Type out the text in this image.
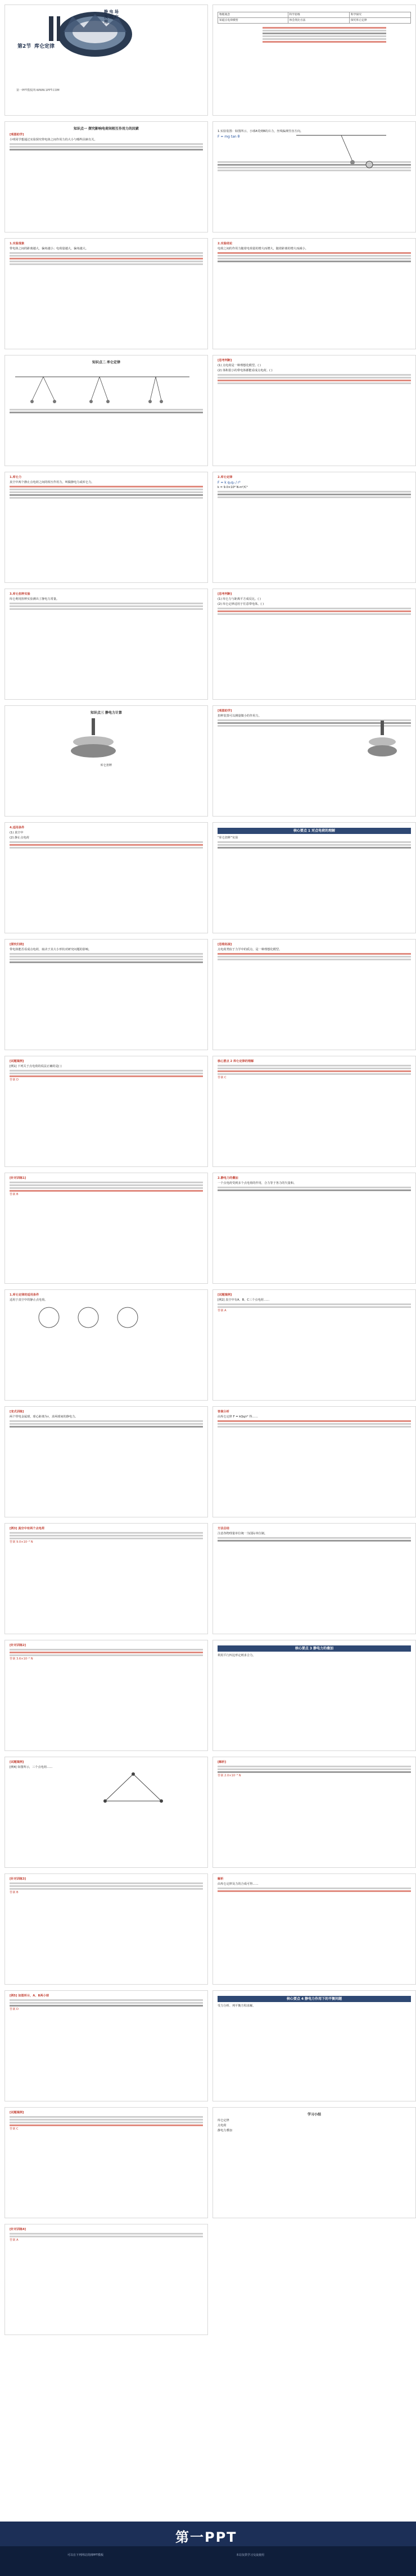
第2节 库仑定律
静 电 场 及 其 应 用
第一PPT模板网-WWW.1PPT.COM
物理观念	科学思维	科学探究
知道点电荷模型	体会类比方法	探究库仑定律
知识点一 探究影响电荷间相互作用力的因素

[观图助学]

小明同学想通过实验探究带电体之间作用力的大小与哪些因素有关。

1.实验装置：如图所示，小球A受到B的斥力，丝线偏离竖直方向。

F = mg tan θ

1.实验现象

带电体之间的距离越大，偏角越小；电荷量越大，偏角越大。

2.实验结论

电荷之间的作用力随着电荷量的增大而增大，随着距离的增大而减小。

知识点二 库仑定律	[思考判断]

(1) 点电荷是一种理想化模型。( )

(2) 体积很小的带电体都能看成点电荷。( )

1.库仑力

真空中两个静止点电荷之间的相互作用力，叫做静电力或库仑力。

2.库仑定律

F = k q₁q₂ / r²

k = 9.0×10⁹ N·m²/C²

3.库仑扭秤实验

库仑利用扭秤实验测出了静电力常量。

[思考判断]

(1) 库仑力与距离平方成反比。( )

(2) 库仑定律适用于任意带电体。( )

知识点三 静电力计算

库仑扭秤

[观图助学]

扭秤装置可以测量微小的作用力。

4.适用条件

(1) 真空中

(2) 静止点电荷

核心要点 1 对点电荷的理解

“库仑扭秤”实验

[探究归纳]

带电体能否看成点电荷，取决于其大小形状对研究问题的影响。

[思维拓展]

点电荷类似于力学中的质点，是一种理想化模型。

[试题案例]

[例1] 下列关于点电荷的说法正确的是( )

答案 D

核心要点 2 库仑定律的理解

答案 C

[针对训练1]

答案 B

2.静电力的叠加

一个点电荷受到多个点电荷的作用，合力等于各力的矢量和。

1.库仑定律的适用条件

适用于真空中的静止点电荷。

[试题案例]

[例2] 真空中有A、B、C三个点电荷……

答案 A

[变式训练]

两个带电金属球，球心距离为r，求两球间的静电力。

答案分析

由库仑定律 F = kQq/r² 得……

[例3] 真空中有两个点电荷

答案 9.0×10⁻³ N

方法总结

注意各物理量单位统一为国际单位制。

[针对训练2]

答案 3.6×10⁻² N

核心要点 3 静电力的叠加

利用平行四边形定则求合力。

[试题案例]

[例4] 如图所示，三个点电荷……

[解析]

答案 2.0×10⁻³ N

[针对训练3]

答案 B

解析

由库仑定律及力的合成可得……

[例5] 如图所示，A、B两小球

答案 D

核心要点 4 静电力作用下的平衡问题

受力分析、列平衡方程求解。

[试题案例]

答案 C

学习小结

库仑定律

点电荷

静电力叠加

[针对训练4]

答案 A

第一PPT
可以在下列网站找到PPT模板	本站仅供学习交流使用
